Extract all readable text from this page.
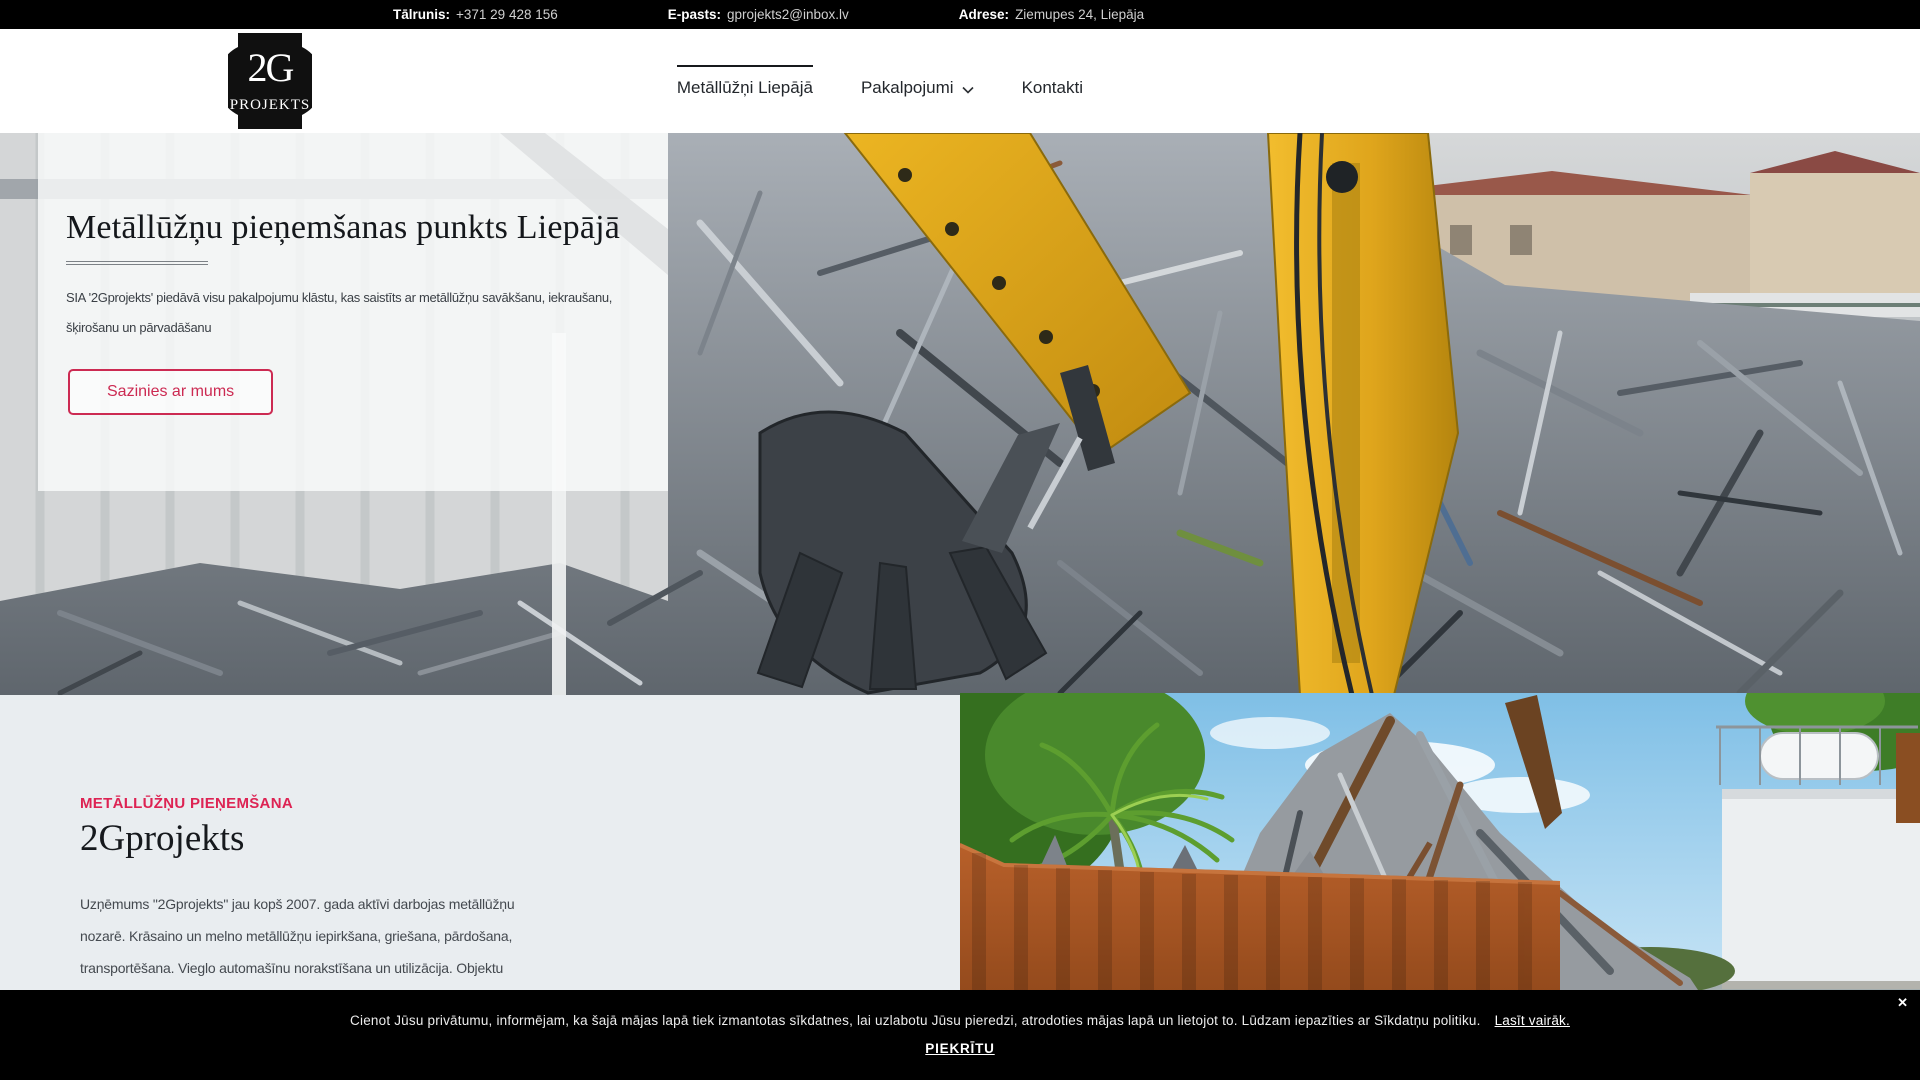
Tālrunis: +371 29 428 156	E-pasts: gprojekts2@inbox.lv	Adrese: Ziemupes 24, Liepāja
2G
PROJEKTS
Metāllūžņi Liepājā	Pakalpojumi	Kontakti
Metāllūžņu pieņemšanas punkts Liepājā
SIA '2Gprojekts' piedāvā visu pakalpojumu klāstu, kas saistīts ar metāllūžņu savākšanu, iekraušanu,
šķirošanu un pārvadāšanu
Sazinies ar mums
METĀLLŪŽŅU PIEŅEMŠANA
2Gprojekts
Uzņēmums "2Gprojekts" jau kopš 2007. gada aktīvi darbojas metāllūžņu
nozarē. Krāsaino un melno metāllūžņu iepirkšana, griešana, pārdošana,
transportēšana. Vieglo automašīnu norakstīšana un utilizācija. Objektu
Cienot Jūsu privātumu, informējam, ka šajā mājas lapā tiek izmantotas sīkdatnes, lai uzlabotu Jūsu pieredzi, atrodoties mājas lapā un lietojot to. Lūdzam iepazīties ar Sīkdatņu politiku. Lasīt vairāk.
PIEKRĪTU
✕
